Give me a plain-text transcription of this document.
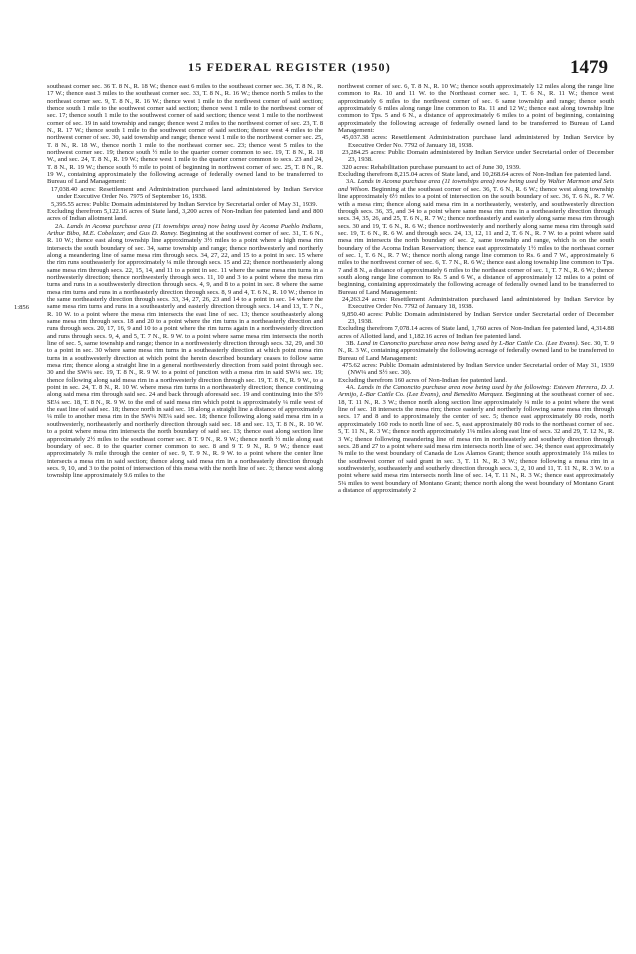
15 FEDERAL REGISTER (1950)	1479
1:856

southeast corner sec. 36 T. 8 N., R. 18 W.; thence east 6 miles to the southeast corner sec. 36, T. 8 N., R. 17 W.; thence east 3 miles to the southeast corner sec. 33, T. 8 N., R. 16 W.; thence north 5 miles to the northeast corner sec. 9, T. 8 N., R. 16 W.; thence west 1 mile to the northwest corner of said section; thence south 1 mile to the southwest corner said section; thence west 1 mile to the northwest corner of sec. 17; thence south 1 mile to the southwest corner of said section; thence west 1 mile to the northwest corner of sec. 19 in said township and range; thence west 2 miles to the northwest corner of sec. 23, T. 8 N., R. 17 W.; thence south 1 mile to the southwest corner of said section; thence west 4 miles to the northwest corner of sec. 30, said township and range; thence west 1 mile to the northwest corner sec. 25, T. 8 N., R. 18 W., thence north 1 mile to the northeast corner sec. 23; thence west 5 miles to the northwest corner sec. 19; thence south ½ mile to the quarter corner common to sec. 19, T. 8 N., R. 18 W., and sec. 24, T. 8 N., R. 19 W.; thence west 1 mile to the quarter corner common to secs. 23 and 24, T. 8 N., R. 19 W.; thence south ½ mile to point of beginning in northwest corner of sec. 25, T. 8 N., R. 19 W., containing approximately the following acreage of federally owned land to be transferred to Bureau of Land Management:

17,038.40 acres: Resettlement and Administration purchased land administered by Indian Service under Executive Order No. 7975 of September 16, 1938.

5,395.55 acres: Public Domain administered by Indian Service by Secretarial order of May 31, 1939.

Excluding therefrom 5,122.16 acres of State land, 3,200 acres of Non-Indian fee patented land and 800 acres of Indian allotment land.

2A. Lands in Acoma purchase area (11 townships area) now being used by Acoma Pueblo Indians, Arthur Bibo, M.E. Cobelazer, and Gus D. Raney. Beginning at the southwest corner of sec. 31, T. 6 N., R. 10 W.; thence east along township line approximately 3½ miles to a point where a high mesa rim intersects the south boundary of sec. 34, same township and range; thence northwesterly and northerly along a meandering line of same mesa rim through secs. 34, 27, 22, and 15 to a point in sec. 15 where the rim runs southeasterly for approximately ¼ mile through secs. 15 and 22; thence northeasterly along same mesa rim through secs. 22, 15, 14, and 11 to a point in sec. 11 where the same mesa rim turns in a northwesterly direction; thence northwesterly through secs. 11, 10 and 3 to a point where the mesa rim turns and runs in a southwesterly direction through secs. 4, 9, and 8 to a point in sec. 8 where the same mesa rim turns and runs in a northeasterly direction through secs. 8, 9 and 4, T. 6 N., R. 10 W.; thence in the same northeasterly direction through secs. 33, 34, 27, 26, 23 and 14 to a point in sec. 14 where the same mesa rim turns and runs in a southeasterly and easterly direction through secs. 14 and 13, T. 7 N., R. 10 W. to a point where the mesa rim intersects the east line of sec. 13; thence southeasterly along same mesa rim through secs. 18 and 20 to a point where the rim turns in a northeasterly direction and runs through secs. 20, 17, 16, 9 and 10 to a point where the rim turns again in a northwesterly direction and runs through secs. 9, 4, and 5, T. 7 N., R. 9 W. to a point where same mesa rim intersects the north line of sec. 5, same township and range; thence in a northwesterly direction through secs. 32, 29, and 30 to a point in sec. 30 where same mesa rim turns in a southeasterly direction at which point mesa rim turns in a southwesterly direction at which point the herein described boundary ceases to follow same mesa rim; thence along a straight line in a general northwesterly direction from said point through sec. 30 and the SW¼ sec. 19, T. 8 N., R. 9 W. to a point of junction with a mesa rim in said SW¼ sec. 19; thence following along said mesa rim in a northwesterly direction through sec. 19, T. 8 N., R. 9 W., to a point in sec. 24, T. 8 N., R. 10 W. where mesa rim turns in a northeasterly direction; thence continuing along said mesa rim through said sec. 24 and back through aforesaid sec. 19 and continuing into the S½ SE¼ sec. 18, T. 8 N., R. 9 W. to the end of said mesa rim which point is approximately ¼ mile west of the east line of said sec. 18; thence north in said sec. 18 along a straight line a distance of approximately ¼ mile to another mesa rim in the SW¼ NE¼ said sec. 18; thence following along said mesa rim in a southwesterly, northeasterly and northerly direction through said sec. 18 and sec. 13, T. 8 N., R. 10 W. to a point where mesa rim intersects the north boundary of said sec. 13; thence east along section line approximately 2½ miles to the southeast corner sec. 8 T. 9 N., R. 9 W.; thence north ½ mile along east boundary of sec. 8 to the quarter corner common to sec. 8 and 9 T. 9 N., R. 9 W.; thence east approximately ⅞ mile through the center of sec. 9, T. 9 N., R. 9 W. to a point where the center line intersects a mesa rim in said section; thence along said mesa rim in a northeasterly direction through secs. 9, 10, and 3 to the point of intersection of this mesa with the north line of sec. 3; thence west along township line approximately 9.6 miles to the

northwest corner of sec. 6, T. 8 N., R. 10 W.; thence south approximately 12 miles along the range line common to Rs. 10 and 11 W. to the Northeast corner sec. 1, T. 6 N., R. 11 W.; thence west approximately 6 miles to the northwest corner of sec. 6 same township and range; thence south approximately 6 miles along range line common to Rs. 11 and 12 W.; thence east along township line common to Tps. 5 and 6 N., a distance of approximately 6 miles to a point of beginning, containing approximately the following acreage of federally owned land to be transferred to Bureau of Land Management:

45,037.38 acres: Resettlement Administration purchase land administered by Indian Service by Executive Order No. 7792 of January 18, 1938.

23,284.25 acres: Public Domain administered by Indian Service under Secretarial order of December 23, 1938.

320 acres: Rehabilitation purchase pursuant to act of June 30, 1939.

Excluding therefrom 8,215.04 acres of State land, and 10,268.64 acres of Non-Indian fee patented land.

3A. Lands in Acoma purchase area (11 townships area) now being used by Walter Marmon and Seis and Wilson. Beginning at the southeast corner of sec. 36, T. 6 N., R. 6 W.; thence west along township line approximately 6½ miles to a point of intersection on the south boundary of sec. 36, T. 6 N., R. 7 W. with a mesa rim; thence along said mesa rim in a northeasterly, westerly, and southwesterly direction through secs. 36, 35, and 34 to a point where same mesa rim runs in a northeasterly direction through secs. 34, 35, 26, and 25, T. 6 N., R. 7 W.; thence northeasterly and easterly along same mesa rim through secs. 30 and 19, T. 6 N., R. 6 W.; thence northwesterly and northerly along same mesa rim through said sec. 19, T. 6 N., R. 6 W. and through secs. 24, 13, 12, 11 and 2, T. 6 N., R. 7 W. to a point where said mesa rim intersects the north boundary of sec. 2, same township and range, which is on the south boundary of the Acoma Indian Reservation; thence east approximately 1½ miles to the northeast corner of sec. 1, T. 6 N., R. 7 W.; thence north along range line common to Rs. 6 and 7 W., approximately 6 miles to the northwest corner of sec. 6, T. 7 N., R. 6 W.; thence east along township line common to Tps. 7 and 8 N., a distance of approximately 6 miles to the northeast corner of sec. 1, T. 7 N., R. 6 W.; thence south along range line common to Rs. 5 and 6 W., a distance of approximately 12 miles to a point of beginning, containing approximately the following acreage of federally owned land to be transferred to Bureau of Land Management:

24,263.24 acres: Resettlement Administration purchased land administered by Indian Service by Executive Order No. 7792 of January 18, 1938.

9,850.40 acres: Public Domain administered by Indian Service under Secretarial order of December 23, 1938.

Excluding therefrom 7,078.14 acres of State land, 1,760 acres of Non-Indian fee patented land, 4,314.88 acres of Allotted land, and 1,182.16 acres of Indian fee patented land.

3B. Land in Canoncito purchase area now being used by L-Bar Cattle Co. (Lee Evans). Sec. 30, T. 9 N., R. 3 W., containing approximately the following acreage of federally owned land to be transferred to Bureau of Land Management:

475.62 acres: Public Domain administered by Indian Service under Secretarial order of May 31, 1939 (NW¼ and S½ sec. 30).

Excluding therefrom 160 acres of Non-Indian fee patented land.

4A. Lands in the Canoncito purchase area now being used by the following: Esteven Herrera, D. J. Armijo, L-Bar Cattle Co. (Lee Evans), and Benedito Marquez. Beginning at the southeast corner of sec. 18, T. 11 N., R. 3 W.; thence north along section line approximately ¼ mile to a point where the west line of sec. 18 intersects the mesa rim; thence easterly and northerly following same mesa rim through secs. 17 and 8 and to approximately the center of sec. 5; thence east approximately 80 rods, north approximately 160 rods to north line of sec. 5, east approximately 80 rods to the northeast corner of sec. 5, T. 11 N., R. 3 W.; thence north approximately 1⅛ miles along east line of secs. 32 and 29, T. 12 N., R. 3 W.; thence following meandering line of mesa rim in northeasterly and southerly direction through secs. 28 and 27 to a point where said mesa rim intersects north line of sec. 34; thence east approximately ⅝ mile to the west boundary of Canada de Los Alamos Grant; thence south approximately 1⅛ miles to the southwest corner of said grant in sec. 3, T. 11 N., R. 3 W.; thence following a mesa rim in a southwesterly, southeasterly and southerly direction through secs. 3, 2, 10 and 11, T. 11 N., R. 3 W. to a point where said mesa rim intersects north line of sec. 14, T. 11 N., R. 3 W.; thence east approximately 5¼ miles to west boundary of Montano Grant; thence north along the west boundary of Montano Grant a distance of approximately 2
